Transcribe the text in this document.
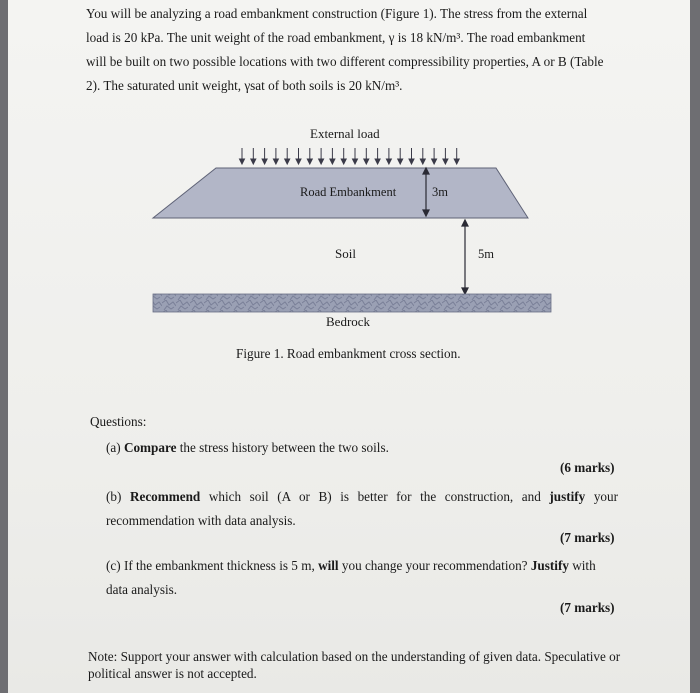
You will be analyzing a road embankment construction (Figure 1). The stress from the external

load is 20 kPa. The unit weight of the road embankment, γ is 18 kN/m³. The road embankment

will be built on two possible locations with two different compressibility properties, A or B (Table

2). The saturated unit weight, γsat of both soils is 20 kN/m³.

External load
Road Embankment	3m
Soil	5m
Bedrock
Figure 1. Road embankment cross section.
Questions:
(a) Compare the stress history between the two soils.
(6 marks)
(b) Recommend which soil (A or B) is better for the construction, and justify your recommendation with data analysis.
(7 marks)
(c) If the embankment thickness is 5 m, will you change your recommendation? Justify with data analysis.
(7 marks)
Note: Support your answer with calculation based on the understanding of given data. Speculative or political answer is not accepted.
